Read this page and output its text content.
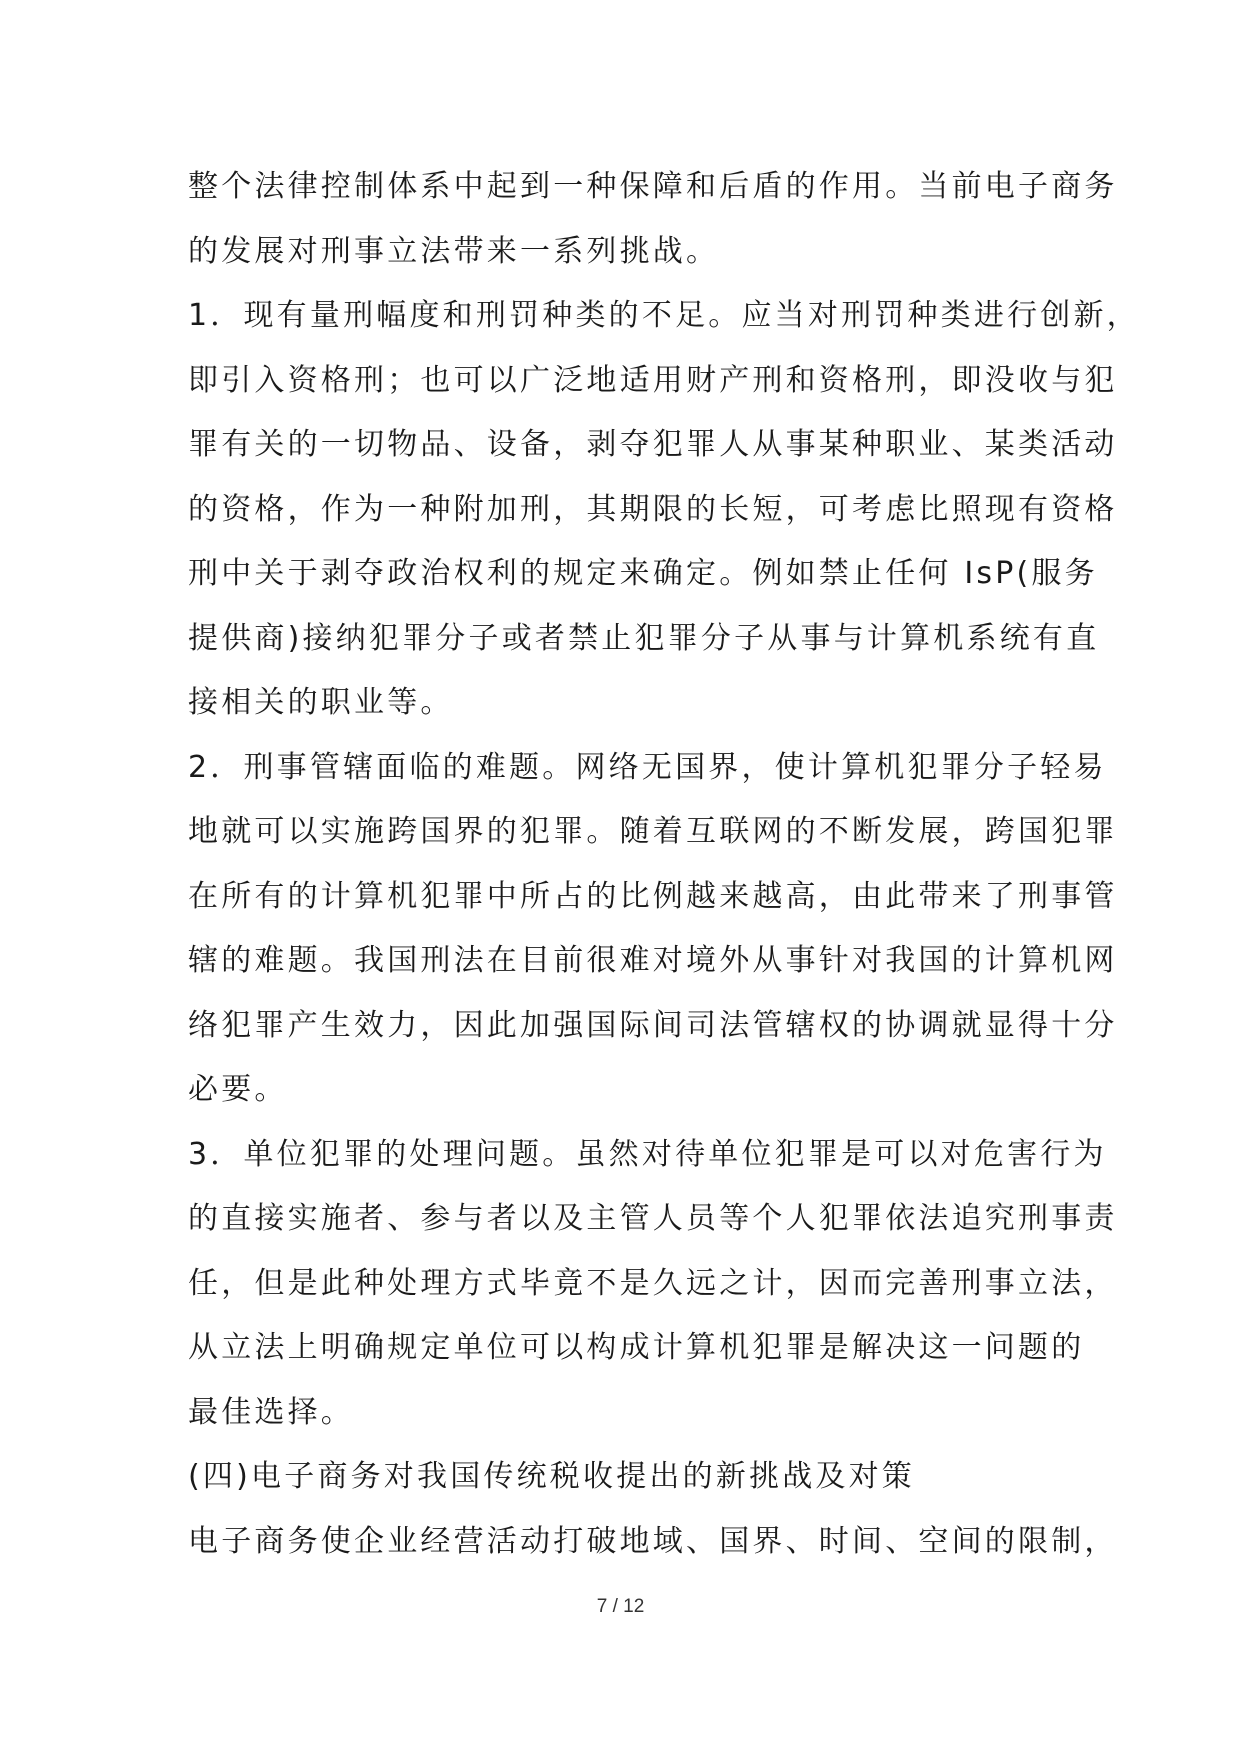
整个法律控制体系中起到一种保障和后盾的作用。当前电子商务
的发展对刑事立法带来一系列挑战。
1．现有量刑幅度和刑罚种类的不足。应当对刑罚种类进行创新，
即引入资格刑；也可以广泛地适用财产刑和资格刑，即没收与犯
罪有关的一切物品、设备，剥夺犯罪人从事某种职业、某类活动
的资格，作为一种附加刑，其期限的长短，可考虑比照现有资格
刑中关于剥夺政治权利的规定来确定。例如禁止任何 IsP(服务
提供商)接纳犯罪分子或者禁止犯罪分子从事与计算机系统有直
接相关的职业等。
2．刑事管辖面临的难题。网络无国界，使计算机犯罪分子轻易
地就可以实施跨国界的犯罪。随着互联网的不断发展，跨国犯罪
在所有的计算机犯罪中所占的比例越来越高，由此带来了刑事管
辖的难题。我国刑法在目前很难对境外从事针对我国的计算机网
络犯罪产生效力，因此加强国际间司法管辖权的协调就显得十分
必要。
3．单位犯罪的处理问题。虽然对待单位犯罪是可以对危害行为
的直接实施者、参与者以及主管人员等个人犯罪依法追究刑事责
任，但是此种处理方式毕竟不是久远之计，因而完善刑事立法，
从立法上明确规定单位可以构成计算机犯罪是解决这一问题的
最佳选择。
(四)电子商务对我国传统税收提出的新挑战及对策
电子商务使企业经营活动打破地域、国界、时间、空间的限制，
7 / 12
